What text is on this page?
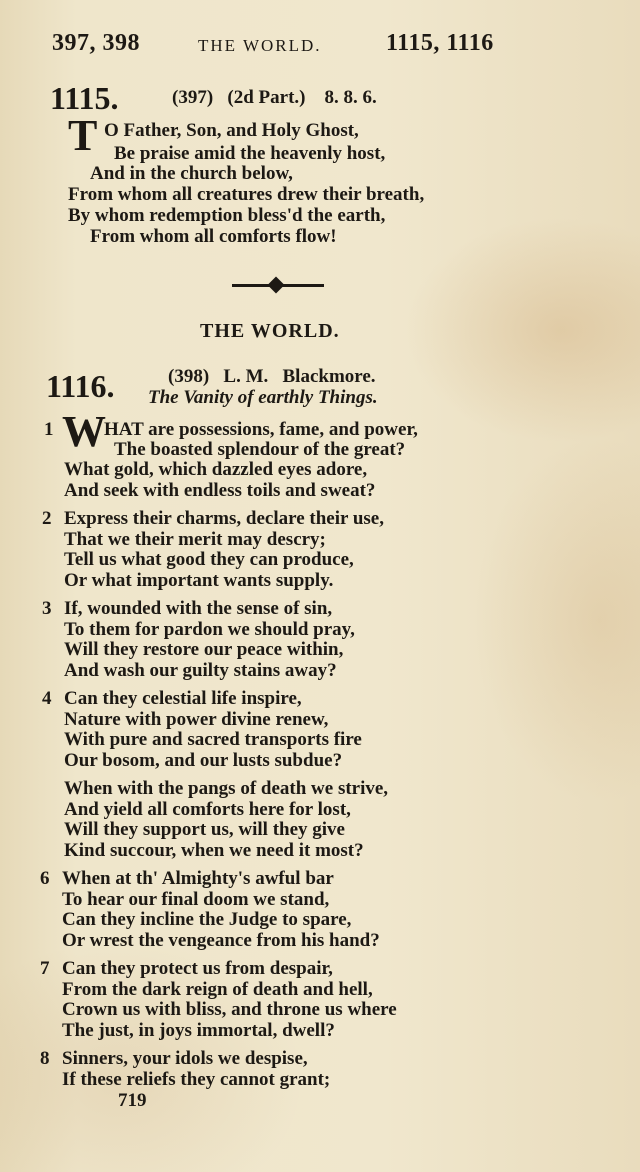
397, 398	THE WORLD.	1115, 1116
1115.	(397)   (2d Part.)    8. 8. 6.
T O Father, Son, and Holy Ghost,
Be praise amid the heavenly host,
And in the church below,
From whom all creatures drew their breath,
By whom redemption bless'd the earth,
From whom all comforts flow!
THE WORLD.
1116.	(398)   L. M.   Blackmore.
The Vanity of earthly Things.
1 W
HAT are possessions, fame, and power,
The boasted splendour of the great?
What gold, which dazzled eyes adore,
And seek with endless toils and sweat?
2 Express their charms, declare their use,
That we their merit may descry;
Tell us what good they can produce,
Or what important wants supply.
3 If, wounded with the sense of sin,
To them for pardon we should pray,
Will they restore our peace within,
And wash our guilty stains away?
4 Can they celestial life inspire,
Nature with power divine renew,
With pure and sacred transports fire
Our bosom, and our lusts subdue?
When with the pangs of death we strive,
And yield all comforts here for lost,
Will they support us, will they give
Kind succour, when we need it most?
6 When at th' Almighty's awful bar
To hear our final doom we stand,
Can they incline the Judge to spare,
Or wrest the vengeance from his hand?
7 Can they protect us from despair,
From the dark reign of death and hell,
Crown us with bliss, and throne us where
The just, in joys immortal, dwell?
8 Sinners, your idols we despise,
If these reliefs they cannot grant;
719
